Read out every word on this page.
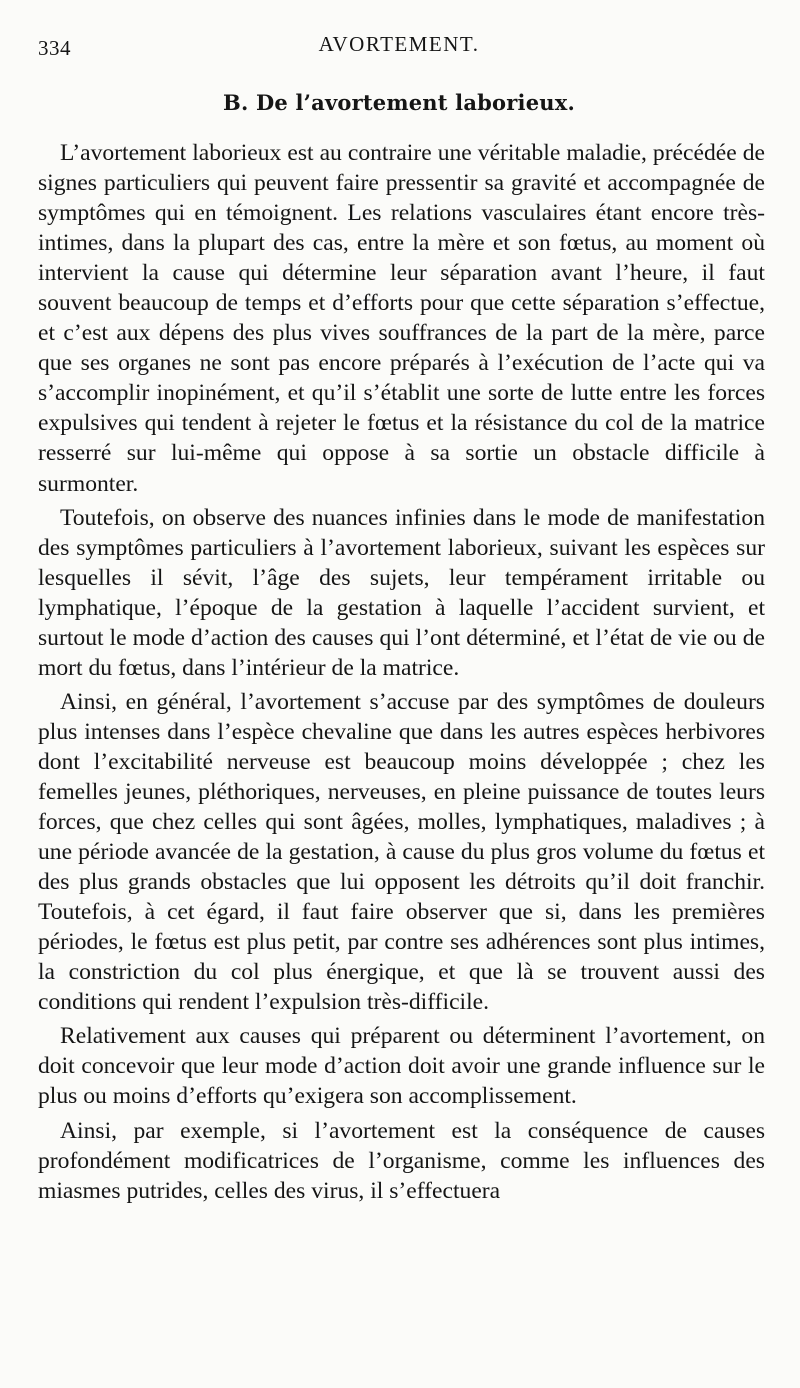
334	AVORTEMENT.
B. De l’avortement laborieux.

L’avortement laborieux est au contraire une véritable maladie, précédée de signes particuliers qui peuvent faire pressentir sa gravité et accompagnée de symptômes qui en témoignent. Les relations vasculaires étant encore très-intimes, dans la plupart des cas, entre la mère et son fœtus, au moment où intervient la cause qui détermine leur séparation avant l’heure, il faut souvent beaucoup de temps et d’efforts pour que cette séparation s’effectue, et c’est aux dépens des plus vives souffrances de la part de la mère, parce que ses organes ne sont pas encore préparés à l’exécution de l’acte qui va s’accomplir inopinément, et qu’il s’établit une sorte de lutte entre les forces expulsives qui tendent à rejeter le fœtus et la résistance du col de la matrice resserré sur lui-même qui oppose à sa sortie un obstacle difficile à surmonter.

Toutefois, on observe des nuances infinies dans le mode de manifestation des symptômes particuliers à l’avortement laborieux, suivant les espèces sur lesquelles il sévit, l’âge des sujets, leur tempérament irritable ou lymphatique, l’époque de la gestation à laquelle l’accident survient, et surtout le mode d’action des causes qui l’ont déterminé, et l’état de vie ou de mort du fœtus, dans l’intérieur de la matrice.

Ainsi, en général, l’avortement s’accuse par des symptômes de douleurs plus intenses dans l’espèce chevaline que dans les autres espèces herbivores dont l’excitabilité nerveuse est beaucoup moins développée ; chez les femelles jeunes, pléthoriques, nerveuses, en pleine puissance de toutes leurs forces, que chez celles qui sont âgées, molles, lymphatiques, maladives ; à une période avancée de la gestation, à cause du plus gros volume du fœtus et des plus grands obstacles que lui opposent les détroits qu’il doit franchir. Toutefois, à cet égard, il faut faire observer que si, dans les premières périodes, le fœtus est plus petit, par contre ses adhérences sont plus intimes, la constriction du col plus énergique, et que là se trouvent aussi des conditions qui rendent l’expulsion très-difficile.

Relativement aux causes qui préparent ou déterminent l’avortement, on doit concevoir que leur mode d’action doit avoir une grande influence sur le plus ou moins d’efforts qu’exigera son accomplissement.

Ainsi, par exemple, si l’avortement est la conséquence de causes profondément modificatrices de l’organisme, comme les influences des miasmes putrides, celles des virus, il s’effectuera
